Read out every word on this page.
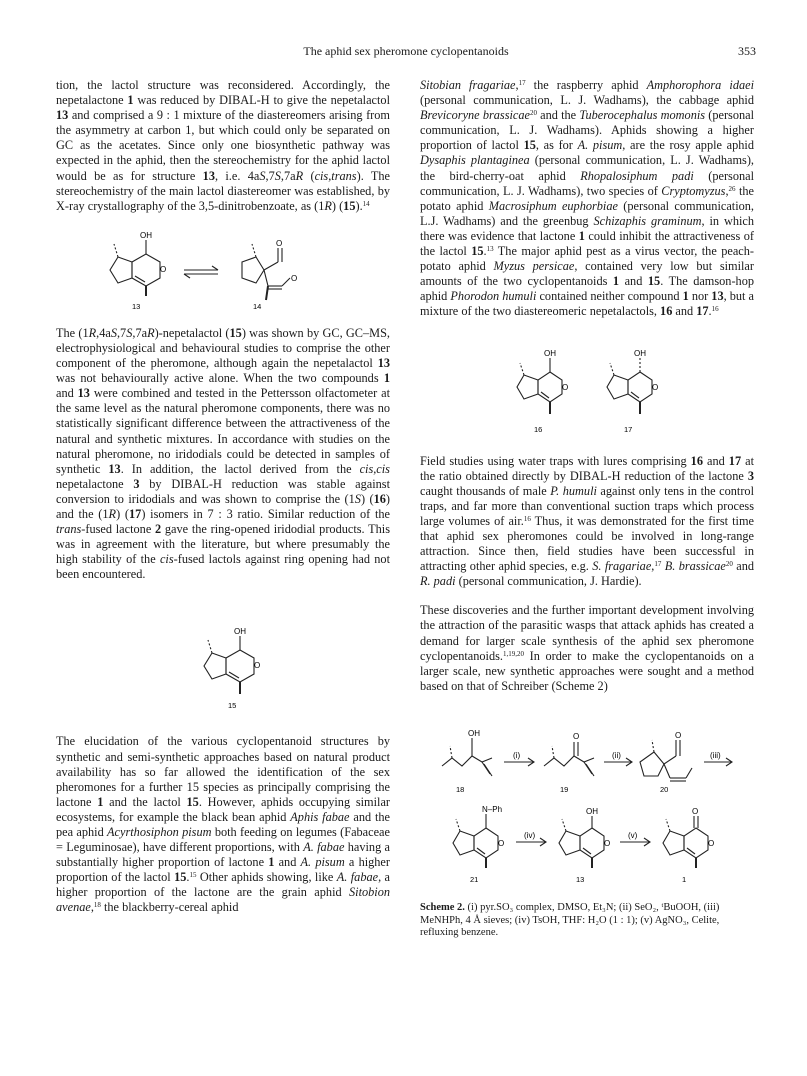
The aphid sex pheromone cyclopentanoids	353

tion, the lactol structure was reconsidered. Accordingly, the nepetalactone 1 was reduced by DIBAL-H to give the nepetalactol 13 and comprised a 9 : 1 mixture of the diastereomers arising from the asymmetry at carbon 1, but which could only be separated on GC as the acetates. Since only one biosynthetic pathway was expected in the aphid, then the stereochemistry for the aphid lactol would be as for structure 13, i.e. 4aS,7S,7aR (cis,trans). The stereochemistry of the main lactol diastereomer was established, by X-ray crystallography of the 3,5-dinitrobenzoate, as (1R) (15).$^{14}$

OH
O
13
O
O
14

The (1R,4aS,7S,7aR)-nepetalactol (15) was shown by GC, GC–MS, electrophysiological and behavioural studies to comprise the other component of the pheromone, although again the nepetalactol 13 was not behaviourally active alone. When the two compounds 1 and 13 were combined and tested in the Pettersson olfactometer at the same level as the natural pheromone components, there was no statistically significant difference between the attractiveness of the natural and synthetic mixtures. In accordance with studies on the natural pheromone, no iridodials could be detected in samples of synthetic 13. In addition, the lactol derived from the cis,cis nepetalactone 3 by DIBAL-H reduction was stable against conversion to iridodials and was shown to comprise the (1S) (16) and the (1R) (17) isomers in 7 : 3 ratio. Similar reduction of the trans-fused lactone 2 gave the ring-opened iridodial products. This was in agreement with the literature, but where presumably the high stability of the cis-fused lactols against ring opening had not been encountered.

OH
O
15

The elucidation of the various cyclopentanoid structures by synthetic and semi-synthetic approaches based on natural product availability has so far allowed the identification of the sex pheromones for a further 15 species as principally comprising the lactone 1 and the lactol 15. However, aphids occupying similar ecosystems, for example the black bean aphid Aphis fabae and the pea aphid Acyrthosiphon pisum both feeding on legumes (Fabaceae = Leguminosae), have different proportions, with A. fabae having a substantially higher proportion of lactone 1 and A. pisum a higher proportion of the lactol 15.15 Other aphids showing, like A. fabae, a higher proportion of the lactone are the grain aphid Sitobion avenae,$^{18}$ the blackberry-cereal aphid

Sitobian fragariae,$^{17}$ the raspberry aphid Amphorophora idaei (personal communication, L. J. Wadhams), the cabbage aphid Brevicoryne brassicae$^{20}$ and the Tuberocephalus momonis (personal communication, L. J. Wadhams). Aphids showing a higher proportion of lactol 15, as for A. pisum, are the rosy apple aphid Dysaphis plantaginea (personal communication, L. J. Wadhams), the bird-cherry-oat aphid Rhopalosiphum padi (personal communication, L. J. Wadhams), two species of Cryptomyzus,$^{26}$ the potato aphid Macrosiphum euphorbiae (personal communication, L.J. Wadhams) and the greenbug Schizaphis graminum, in which there was evidence that lactone 1 could inhibit the attractiveness of the lactol 15.13 The major aphid pest as a virus vector, the peach-potato aphid Myzus persicae, contained very low but similar amounts of the two cyclopentanoids 1 and 15. The damson-hop aphid Phorodon humuli contained neither compound 1 nor 13, but a mixture of the two diastereomeric nepetalactols, 16 and 17.16

OH
O
16
OH
O
17

Field studies using water traps with lures comprising 16 and 17 at the ratio obtained directly by DIBAL-H reduction of the lactone 3 caught thousands of male P. humuli against only tens in the control traps, and far more than conventional suction traps which process large volumes of air.$^{16}$ Thus, it was demonstrated for the first time that aphid sex pheromones could be involved in long-range attraction. Since then, field studies have been successful in attracting other aphid species, e.g. S. fragariae,$^{17}$ B. brassicae$^{20}$ and R. padi (personal communication, J. Hardie).

These discoveries and the further important development involving the attraction of the parasitic wasps that attack aphids has created a demand for larger scale synthesis of the aphid sex pheromone cyclopentanoids.$^{1,19,20}$ In order to make the cyclopentanoids on a larger scale, new synthetic approaches were sought and a method based on that of Schreiber (Scheme 2)

OH	O	O
(i)	(ii)	(iii)
18	19	20
N–Ph
O
OH
O
O
O
(iv)	(v)
21	13	1
Scheme 2. (i) pyr.SO₃ complex, DMSO, Et₃N; (ii) SeO₂, ᵗBuOOH, (iii) MeNHPh, 4 Å sieves; (iv) TsOH, THF: H₂O (1 : 1); (v) AgNO₃, Celite, refluxing benzene.
